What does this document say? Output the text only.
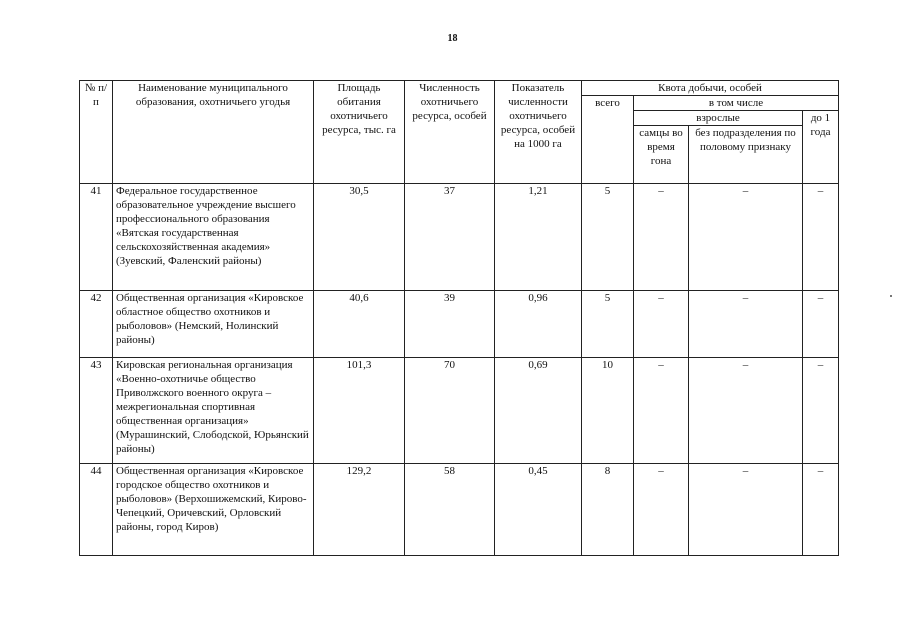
18
№ п/п	Наименование муниципального образования, охотничьего угодья	Площадь обитания охотничьего ресурса, тыс. га	Численность охотничьего ресурса, особей	Показатель численности охотничьего ресурса, особей на 1000 га	Квота добычи, особей			
					всего	в том числе		
						взрослые		до 1 года
						самцы во время гона	без подразделения по половому признаку	
41	Федеральное государственное образовательное учреждение высшего профессионального образования «Вятская государственная сельскохозяйственная академия» (Зуевский, Фаленский районы)	30,5	37	1,21	5	–	–	–
42	Общественная организация «Кировское областное общество охотников и рыболовов» (Немский, Нолинский районы)	40,6	39	0,96	5	–	–	–
43	Кировская региональная организация «Военно-охотничье общество Приволжского военного округа – межрегиональная спортивная общественная организация» (Мурашинский, Слободской, Юрьянский районы)	101,3	70	0,69	10	–	–	–
44	Общественная организация «Кировское городское общество охотников и рыболовов» (Верхошижемский, Кирово-Чепецкий, Оричевский, Орловский районы, город Киров)	129,2	58	0,45	8	–	–	–
